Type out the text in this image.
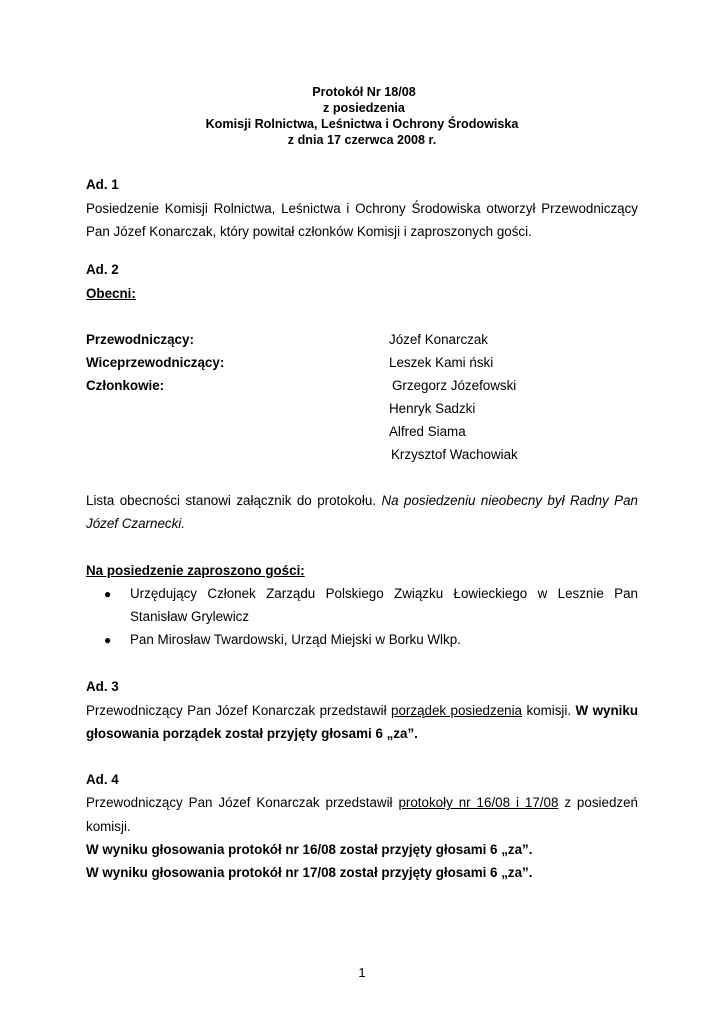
Protokół Nr 18/08
z posiedzenia
Komisji Rolnictwa, Leśnictwa i Ochrony Środowiska
z dnia 17 czerwca 2008 r.
Ad. 1
Posiedzenie Komisji Rolnictwa, Leśnictwa i Ochrony Środowiska otworzył Przewodniczący
Pan Józef Konarczak, który powitał członków Komisji i zaproszonych gości.
Ad. 2
Obecni:
Przewodniczący:	Józef Konarczak
Wiceprzewodniczący:	Leszek Kami ński
Członkowie:	Grzegorz Józefowski
Henryk Sadzki
Alfred Siama
Krzysztof Wachowiak
Lista obecności stanowi załącznik do protokołu. Na posiedzeniu nieobecny był Radny Pan
Józef Czarnecki.
Na posiedzenie zaproszono gości:
● Urzędujący Członek Zarządu Polskiego Związku Łowieckiego w Lesznie Pan
Stanisław Grylewicz
● Pan Mirosław Twardowski, Urząd Miejski w Borku Wlkp.
Ad. 3
Przewodniczący Pan Józef Konarczak przedstawił porządek posiedzenia komisji. W wyniku
głosowania porządek został przyjęty głosami 6 „za”.
Ad. 4
Przewodniczący Pan Józef Konarczak przedstawił protokoły nr 16/08 i 17/08 z posiedzeń
komisji.
W wyniku głosowania protokół nr 16/08 został przyjęty głosami 6 „za”.
W wyniku głosowania protokół nr 17/08 został przyjęty głosami 6 „za”.
1
